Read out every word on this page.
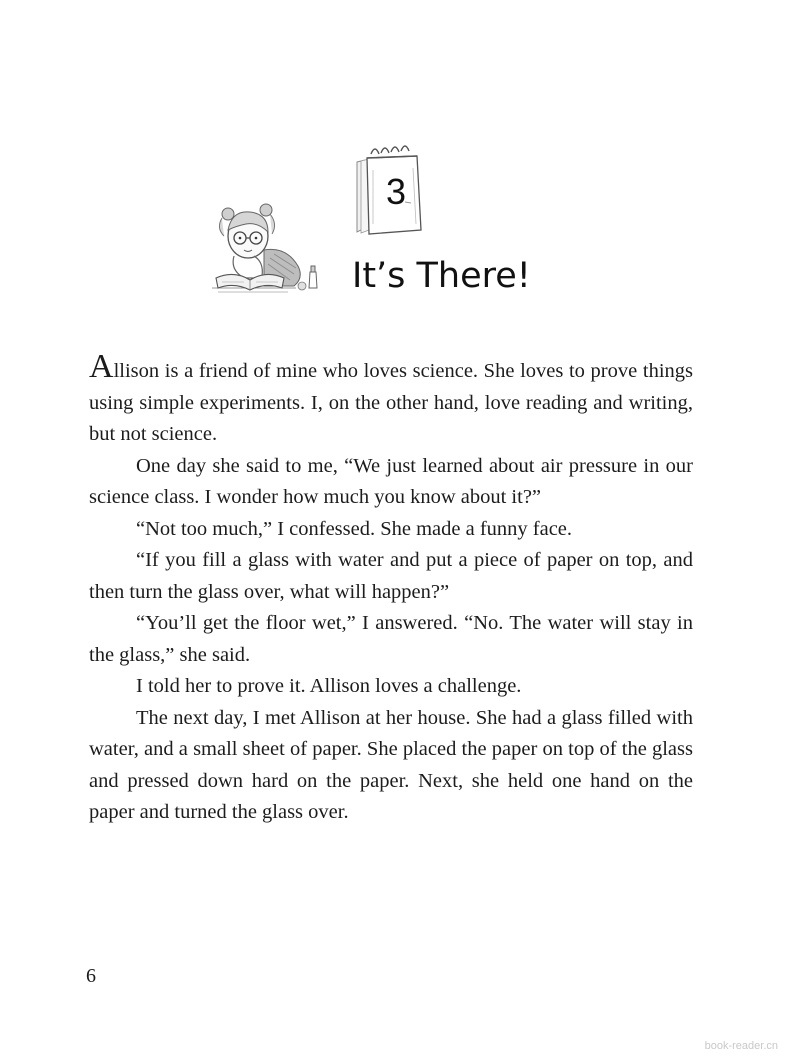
3
It’s There!

Allison is a friend of mine who loves science. She loves to prove things using simple experiments. I, on the other hand, love reading and writing, but not science.

One day she said to me, “We just learned about air pressure in our science class. I wonder how much you know about it?”

“Not too much,” I confessed. She made a funny face.

“If you fill a glass with water and put a piece of paper on top, and then turn the glass over, what will happen?”

“You’ll get the floor wet,” I answered. “No. The water will stay in the glass,” she said.

I told her to prove it. Allison loves a challenge.

The next day, I met Allison at her house. She had a glass filled with water, and a small sheet of paper. She placed the paper on top of the glass and pressed down hard on the paper. Next, she held one hand on the paper and turned the glass over.

6
book-reader.cn
